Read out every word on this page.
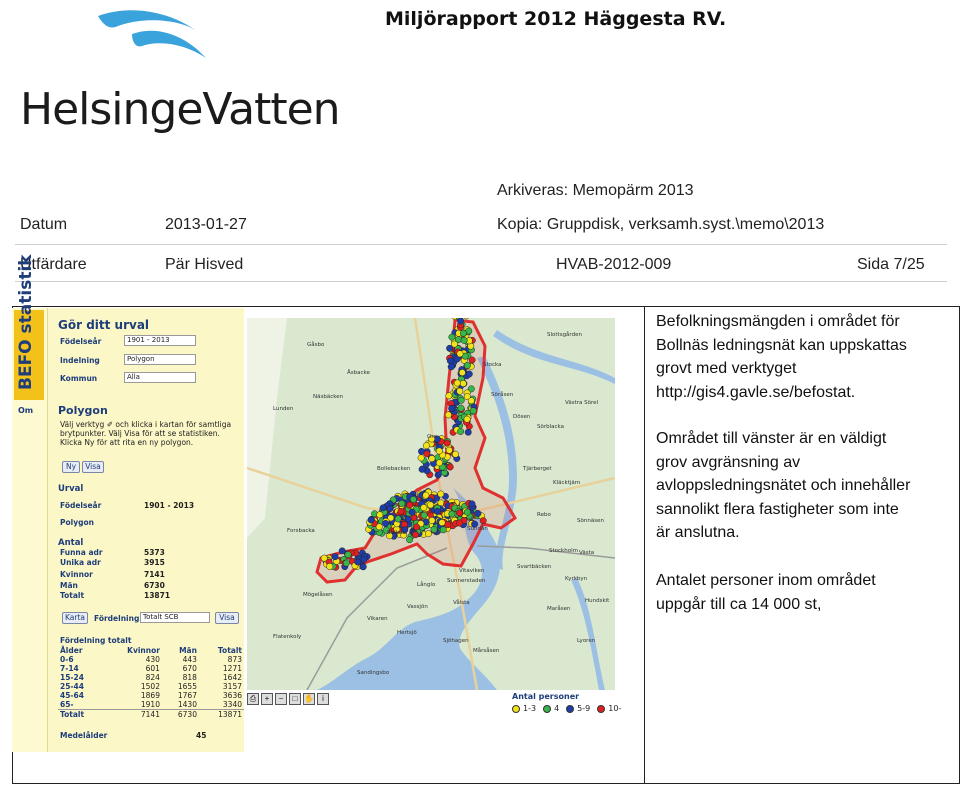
HelsingeVatten
Miljörapport 2012 Häggesta RV.
Arkiveras: Memopärm 2013
Datum	2013-01-27	Kopia: Gruppdisk, verksamh.syst.\memo\2013
Utfärdare	Pär Hisved	HVAB-2012-009	Sida 7/25
BEFO statistik
Om
Gör ditt urval
Födelseår	1901 - 2013
Indelning	Polygon
Kommun	Alla
Polygon
Välj verktyg ✐ och klicka i kartan för samtliga brytpunkter. Välj Visa för att se statistiken. Klicka Ny för att rita en ny polygon.
Ny	Visa
Urval
Födelseår	1901 - 2013
Polygon
Antal
Funna adr	5373
Unika adr	3915
Kvinnor	7141
Män	6730
Totalt	13871
Karta	Fördelning Totalt SCB	Visa
Fördelning totalt
Ålder	Kvinnor	Män	Totalt
0-6	430	443	873
7-14	601	670	1271
15-24	824	818	1642
25-44	1502	1655	3157
45-64	1869	1767	3636
65-	1910	1430	3340
Totalt	7141	6730	13871
Medelålder	45
Gåsbo
Åsbacke
Näsbäcken
Stocka
Söråsen
Slottsgården
Bollebacken
Bollnäs
Långlo
Vitaviken
Sunnerstaden
Vålsta
Svartbäcken
Mögelåsen
Vassjön
Hertsjö
Sjöhagen
Flatenkoly
Kläcktjärn
Dösen
Västra Sörel
Sörblacka
Tjärberget
Rebo
Stockholm Västa
Lyoren
Lunden
Sundån
Sönnäsen
Kyrkbyn
Vikaren
Hundskit
Forsbacka
Sandingsbo
Maråsen
Ore
Mårsåsen
⎙	+	−	□ ✋	i	Antal personer
1-3 4 5-9 10-
Befolkningsmängden i området för
Bollnäs ledningsnät kan uppskattas
grovt med verktyget
http://gis4.gavle.se/befostat.
Området till vänster är en väldigt
grov avgränsning av
avloppsledningsnätet och innehåller
sannolikt flera fastigheter som inte
är anslutna.
Antalet personer inom området
uppgår till ca 14 000 st,
